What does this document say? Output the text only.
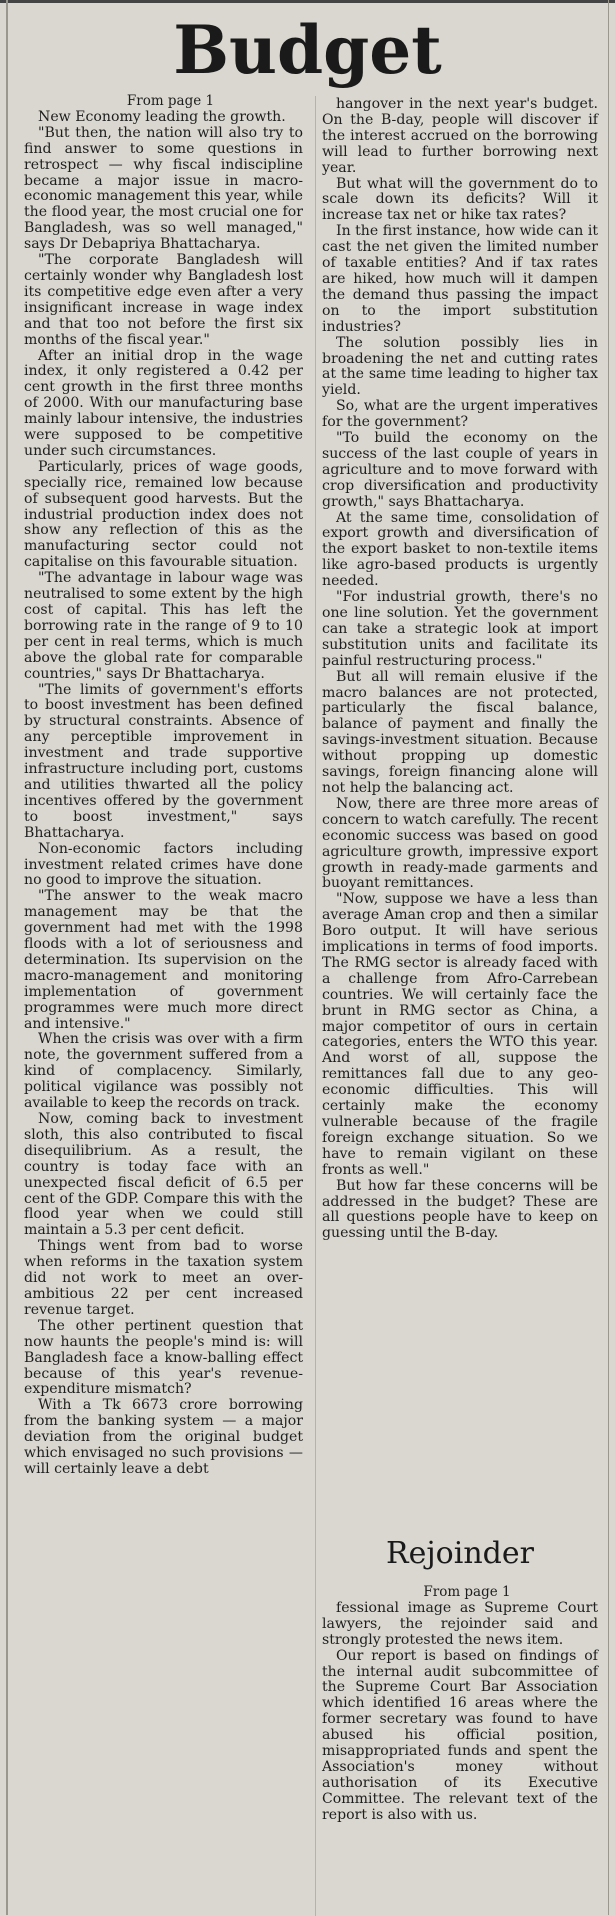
Budget

From page 1

New Economy leading the growth.

"But then, the nation will also try to find answer to some questions in retrospect — why fiscal indiscipline became a major issue in macro-economic management this year, while the flood year, the most crucial one for Bangladesh, was so well managed," says Dr Debapriya Bhattacharya.

"The corporate Bangladesh will certainly wonder why Bangladesh lost its competitive edge even after a very insignificant increase in wage index and that too not before the first six months of the fiscal year."

After an initial drop in the wage index, it only registered a 0.42 per cent growth in the first three months of 2000. With our manufacturing base mainly labour intensive, the industries were supposed to be competitive under such circumstances.

Particularly, prices of wage goods, specially rice, remained low because of subsequent good harvests. But the industrial production index does not show any reflection of this as the manufacturing sector could not capitalise on this favourable situation.

"The advantage in labour wage was neutralised to some extent by the high cost of capital. This has left the borrowing rate in the range of 9 to 10 per cent in real terms, which is much above the global rate for comparable countries," says Dr Bhattacharya.

"The limits of government's efforts to boost investment has been defined by structural constraints. Absence of any perceptible improvement in investment and trade supportive infrastructure including port, customs and utilities thwarted all the policy incentives offered by the government to boost investment," says Bhattacharya.

Non-economic factors including investment related crimes have done no good to improve the situation.

"The answer to the weak macro management may be that the government had met with the 1998 floods with a lot of seriousness and determination. Its supervision on the macro-management and monitoring implementation of government programmes were much more direct and intensive."

When the crisis was over with a firm note, the government suffered from a kind of complacency. Similarly, political vigilance was possibly not available to keep the records on track.

Now, coming back to investment sloth, this also contributed to fiscal disequilibrium. As a result, the country is today face with an unexpected fiscal deficit of 6.5 per cent of the GDP. Compare this with the flood year when we could still maintain a 5.3 per cent deficit.

Things went from bad to worse when reforms in the taxation system did not work to meet an over-ambitious 22 per cent increased revenue target.

The other pertinent question that now haunts the people's mind is: will Bangladesh face a know-balling effect because of this year's revenue-expenditure mismatch?

With a Tk 6673 crore borrowing from the banking system — a major deviation from the original budget which envisaged no such provisions — will certainly leave a debt

hangover in the next year's budget. On the B-day, people will discover if the interest accrued on the borrowing will lead to further borrowing next year.

But what will the government do to scale down its deficits? Will it increase tax net or hike tax rates?

In the first instance, how wide can it cast the net given the limited number of taxable entities? And if tax rates are hiked, how much will it dampen the demand thus passing the impact on to the import substitution industries?

The solution possibly lies in broadening the net and cutting rates at the same time leading to higher tax yield.

So, what are the urgent imperatives for the government?

"To build the economy on the success of the last couple of years in agriculture and to move forward with crop diversification and productivity growth," says Bhattacharya.

At the same time, consolidation of export growth and diversification of the export basket to non-textile items like agro-based products is urgently needed.

"For industrial growth, there's no one line solution. Yet the government can take a strategic look at import substitution units and facilitate its painful restructuring process."

But all will remain elusive if the macro balances are not protected, particularly the fiscal balance, balance of payment and finally the savings-investment situation. Because without propping up domestic savings, foreign financing alone will not help the balancing act.

Now, there are three more areas of concern to watch carefully. The recent economic success was based on good agriculture growth, impressive export growth in ready-made garments and buoyant remittances.

"Now, suppose we have a less than average Aman crop and then a similar Boro output. It will have serious implications in terms of food imports. The RMG sector is already faced with a challenge from Afro-Carrebean countries. We will certainly face the brunt in RMG sector as China, a major competitor of ours in certain categories, enters the WTO this year. And worst of all, suppose the remittances fall due to any geo-economic difficulties. This will certainly make the economy vulnerable because of the fragile foreign exchange situation. So we have to remain vigilant on these fronts as well."

But how far these concerns will be addressed in the budget? These are all questions people have to keep on guessing until the B-day.

Rejoinder

From page 1

fessional image as Supreme Court lawyers, the rejoinder said and strongly protested the news item.

Our report is based on findings of the internal audit subcommittee of the Supreme Court Bar Association which identified 16 areas where the former secretary was found to have abused his official position, misappropriated funds and spent the Association's money without authorisation of its Executive Committee. The relevant text of the report is also with us.
